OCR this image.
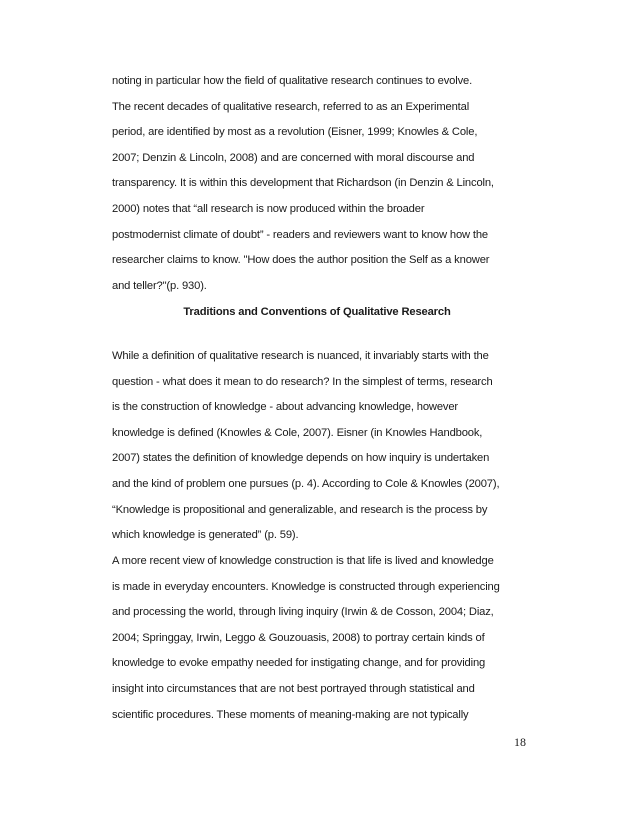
noting in particular how the field of qualitative research continues to evolve.
The recent decades of qualitative research, referred to as an Experimental
period, are identified by most as a revolution (Eisner, 1999; Knowles & Cole,
2007; Denzin & Lincoln, 2008) and are concerned with moral discourse and
transparency. It is within this development that Richardson (in Denzin & Lincoln,
2000) notes that “all research is now produced within the broader
postmodernist climate of doubt” - readers and reviewers want to know how the
researcher claims to know. "How does the author position the Self as a knower
and teller?"(p. 930).
Traditions and Conventions of Qualitative Research
While a definition of qualitative research is nuanced, it invariably starts with the
question - what does it mean to do research? In the simplest of terms, research
is the construction of knowledge - about advancing knowledge, however
knowledge is defined (Knowles & Cole, 2007). Eisner (in Knowles Handbook,
2007) states the definition of knowledge depends on how inquiry is undertaken
and the kind of problem one pursues (p. 4). According to Cole & Knowles (2007),
“Knowledge is propositional and generalizable, and research is the process by
which knowledge is generated” (p. 59).
A more recent view of knowledge construction is that life is lived and knowledge
is made in everyday encounters. Knowledge is constructed through experiencing
and processing the world, through living inquiry (Irwin & de Cosson, 2004; Diaz,
2004; Springgay, Irwin, Leggo & Gouzouasis, 2008) to portray certain kinds of
knowledge to evoke empathy needed for instigating change, and for providing
insight into circumstances that are not best portrayed through statistical and
scientific procedures. These moments of meaning-making are not typically
18
